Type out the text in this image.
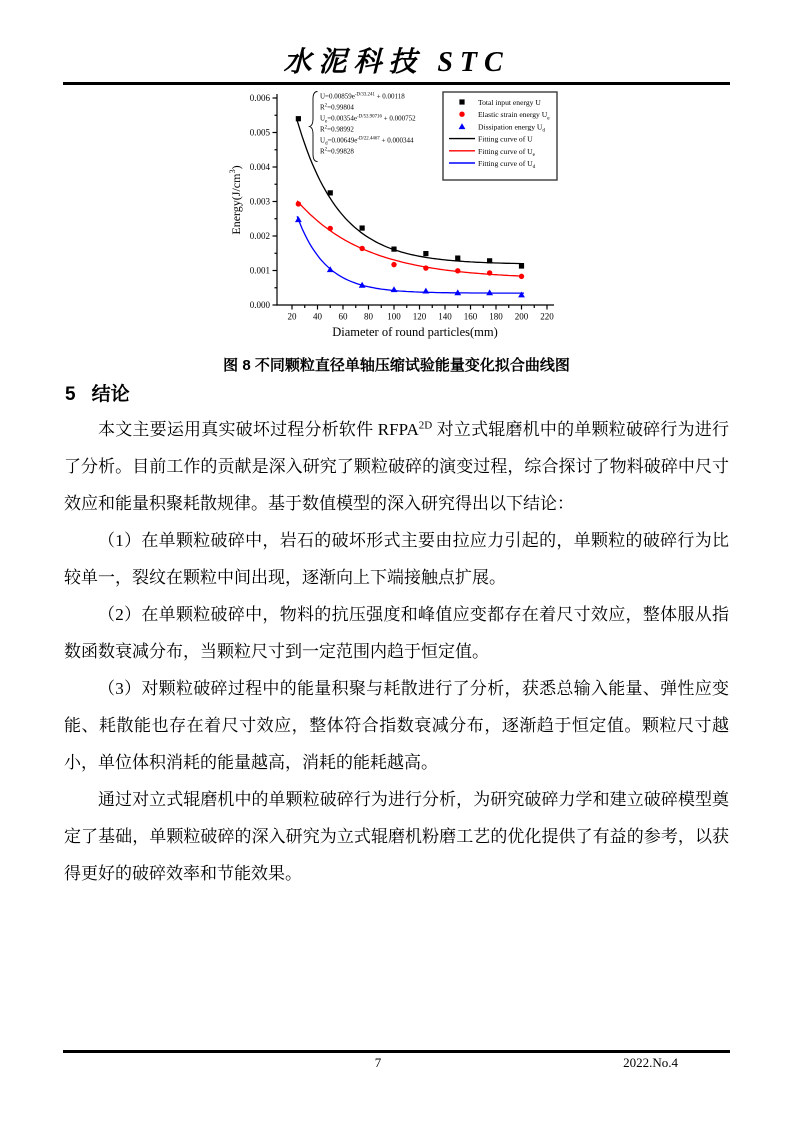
水泥科技 STC
20 40 60 80 100 120 140 160 180 200 220
0.000
0.001
0.002
0.003
0.004
0.005
0.006
Diameter of round particles(mm)
$Energy(J/cm^3)$
$U=0.00859e^{-D/33.241} + 0.00118$
$R^2=0.99804$
$U_e=0.00354e^{-D/53.90716} + 0.000752$
$R^2=0.98992$
$U_d=0.00649e^{-D/22.4467} + 0.000344$
$R^2=0.99828$
Total input energy U
Elastic strain energy $U_e$
Dissipation energy $U_d$
Fitting curve of U
Fitting curve of $U_e$
Fitting curve of $U_d$
图 8 不同颗粒直径单轴压缩试验能量变化拟合曲线图
5 结论

本文主要运用真实破坏过程分析软件 $RFPA^{2D}$ 对立式辊磨机中的单颗粒破碎行为进行了分析。目前工作的贡献是深入研究了颗粒破碎的演变过程，综合探讨了物料破碎中尺寸效应和能量积聚耗散规律。基于数值模型的深入研究得出以下结论：

（1）在单颗粒破碎中，岩石的破坏形式主要由拉应力引起的，单颗粒的破碎行为比较单一，裂纹在颗粒中间出现，逐渐向上下端接触点扩展。

（2）在单颗粒破碎中，物料的抗压强度和峰值应变都存在着尺寸效应，整体服从指数函数衰减分布，当颗粒尺寸到一定范围内趋于恒定值。

（3）对颗粒破碎过程中的能量积聚与耗散进行了分析，获悉总输入能量、弹性应变能、耗散能也存在着尺寸效应，整体符合指数衰减分布，逐渐趋于恒定值。颗粒尺寸越小，单位体积消耗的能量越高，消耗的能耗越高。

通过对立式辊磨机中的单颗粒破碎行为进行分析，为研究破碎力学和建立破碎模型奠定了基础，单颗粒破碎的深入研究为立式辊磨机粉磨工艺的优化提供了有益的参考，以获得更好的破碎效率和节能效果。

7	2022.No.4
